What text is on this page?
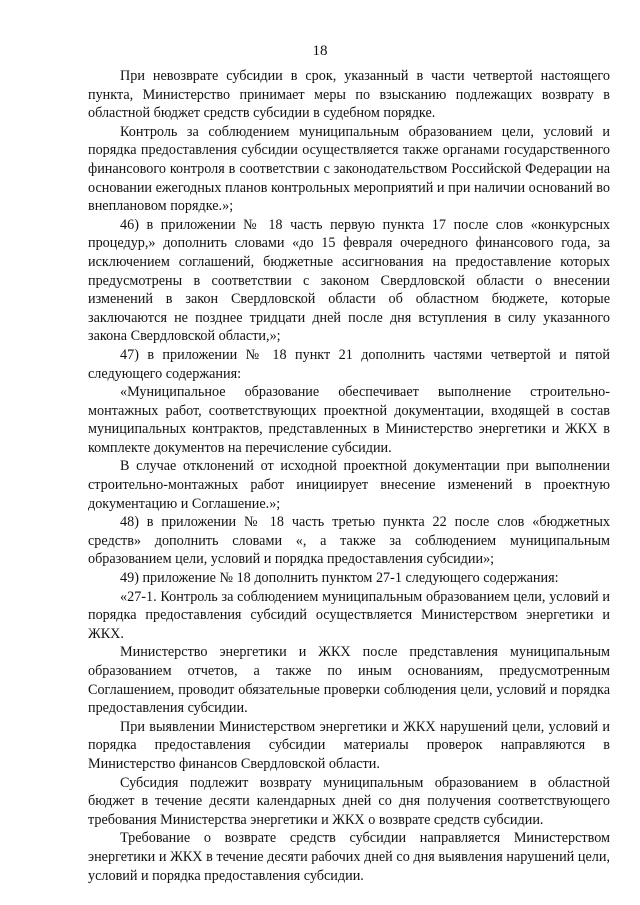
18

При невозврате субсидии в срок, указанный в части четвертой настоящего пункта, Министерство принимает меры по взысканию подлежащих возврату в областной бюджет средств субсидии в судебном порядке.

Контроль за соблюдением муниципальным образованием цели, условий и порядка предоставления субсидии осуществляется также органами государственного финансового контроля в соответствии с законодательством Российской Федерации на основании ежегодных планов контрольных мероприятий и при наличии оснований во внеплановом порядке.»;

46) в приложении № 18 часть первую пункта 17 после слов «конкурсных процедур,» дополнить словами «до 15 февраля очередного финансового года, за исключением соглашений, бюджетные ассигнования на предоставление которых предусмотрены в соответствии с законом Свердловской области о внесении изменений в закон Свердловской области об областном бюджете, которые заключаются не позднее тридцати дней после дня вступления в силу указанного закона Свердловской области,»;

47) в приложении № 18 пункт 21 дополнить частями четвертой и пятой следующего содержания:

«Муниципальное образование обеспечивает выполнение строительно-монтажных работ, соответствующих проектной документации, входящей в состав муниципальных контрактов, представленных в Министерство энергетики и ЖКХ в комплекте документов на перечисление субсидии.

В случае отклонений от исходной проектной документации при выполнении строительно-монтажных работ инициирует внесение изменений в проектную документацию и Соглашение.»;

48) в приложении № 18 часть третью пункта 22 после слов «бюджетных средств» дополнить словами «, а также за соблюдением муниципальным образованием цели, условий и порядка предоставления субсидии»;

49) приложение № 18 дополнить пунктом 27-1 следующего содержания:

«27-1. Контроль за соблюдением муниципальным образованием цели, условий и порядка предоставления субсидий осуществляется Министерством энергетики и ЖКХ.

Министерство энергетики и ЖКХ после представления муниципальным образованием отчетов, а также по иным основаниям, предусмотренным Соглашением, проводит обязательные проверки соблюдения цели, условий и порядка предоставления субсидии.

При выявлении Министерством энергетики и ЖКХ нарушений цели, условий и порядка предоставления субсидии материалы проверок направляются в Министерство финансов Свердловской области.

Субсидия подлежит возврату муниципальным образованием в областной бюджет в течение десяти календарных дней со дня получения соответствующего требования Министерства энергетики и ЖКХ о возврате средств субсидии.

Требование о возврате средств субсидии направляется Министерством энергетики и ЖКХ в течение десяти рабочих дней со дня выявления нарушений цели, условий и порядка предоставления субсидии.
